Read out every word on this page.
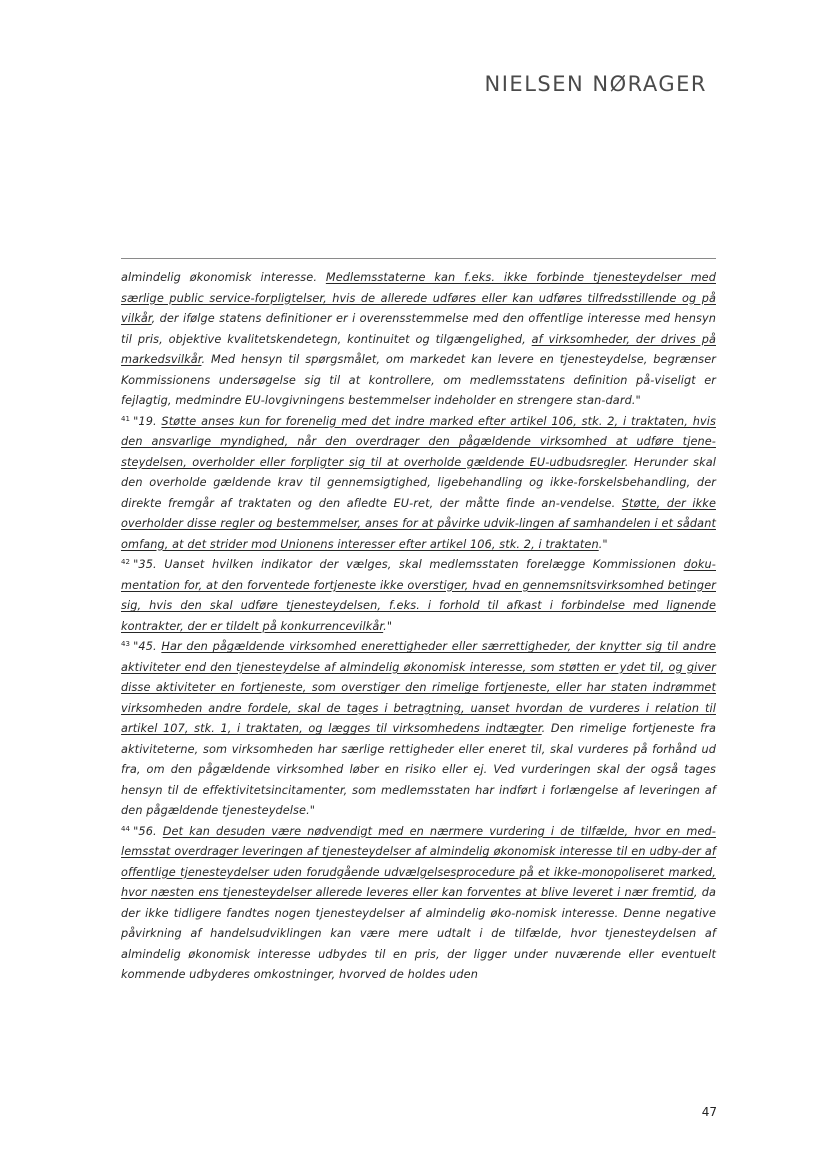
NIELSEN NØRAGER

almindelig økonomisk interesse. Medlemsstaterne kan f.eks. ikke forbinde tjenesteydelser med særlige public service-forpligtelser, hvis de allerede udføres eller kan udføres tilfredsstillende og på vilkår, der ifølge statens definitioner er i overensstemmelse med den offentlige interesse med hensyn til pris, objektive kvalitetskendetegn, kontinuitet og tilgængelighed, af virksomheder, der drives på markedsvilkår. Med hensyn til spørgsmålet, om markedet kan levere en tjenesteydelse, begrænser Kommissionens undersøgelse sig til at kontrollere, om medlemsstatens definition på-viseligt er fejlagtig, medmindre EU-lovgivningens bestemmelser indeholder en strengere stan-dard."

$^{41}$ "19. Støtte anses kun for forenelig med det indre marked efter artikel 106, stk. 2, i traktaten, hvis den ansvarlige myndighed, når den overdrager den pågældende virksomhed at udføre tjene-steydelsen, overholder eller forpligter sig til at overholde gældende EU-udbudsregler. Herunder skal den overholde gældende krav til gennemsigtighed, ligebehandling og ikke-forskelsbehandling, der direkte fremgår af traktaten og den afledte EU-ret, der måtte finde an-vendelse. Støtte, der ikke overholder disse regler og bestemmelser, anses for at påvirke udvik-lingen af samhandelen i et sådant omfang, at det strider mod Unionens interesser efter artikel 106, stk. 2, i traktaten."

$^{42}$ "35. Uanset hvilken indikator der vælges, skal medlemsstaten forelægge Kommissionen doku-mentation for, at den forventede fortjeneste ikke overstiger, hvad en gennemsnitsvirksomhed betinger sig, hvis den skal udføre tjenesteydelsen, f.eks. i forhold til afkast i forbindelse med lignende kontrakter, der er tildelt på konkurrencevilkår."

$^{43}$ "45. Har den pågældende virksomhed enerettigheder eller særrettigheder, der knytter sig til andre aktiviteter end den tjenesteydelse af almindelig økonomisk interesse, som støtten er ydet til, og giver disse aktiviteter en fortjeneste, som overstiger den rimelige fortjeneste, eller har staten indrømmet virksomheden andre fordele, skal de tages i betragtning, uanset hvordan de vurderes i relation til artikel 107, stk. 1, i traktaten, og lægges til virksomhedens indtægter. Den rimelige fortjeneste fra aktiviteterne, som virksomheden har særlige rettigheder eller eneret til, skal vurderes på forhånd ud fra, om den pågældende virksomhed løber en risiko eller ej. Ved vurderingen skal der også tages hensyn til de effektivitetsincitamenter, som medlemsstaten har indført i forlængelse af leveringen af den pågældende tjenesteydelse."

$^{44}$ "56. Det kan desuden være nødvendigt med en nærmere vurdering i de tilfælde, hvor en med-lemsstat overdrager leveringen af tjenesteydelser af almindelig økonomisk interesse til en udby-der af offentlige tjenesteydelser uden forudgående udvælgelsesprocedure på et ikke-monopoliseret marked, hvor næsten ens tjenesteydelser allerede leveres eller kan forventes at blive leveret i nær fremtid, da der ikke tidligere fandtes nogen tjenesteydelser af almindelig øko-nomisk interesse. Denne negative påvirkning af handelsudviklingen kan være mere udtalt i de tilfælde, hvor tjenesteydelsen af almindelig økonomisk interesse udbydes til en pris, der ligger under nuværende eller eventuelt kommende udbyderes omkostninger, hvorved de holdes uden

47
